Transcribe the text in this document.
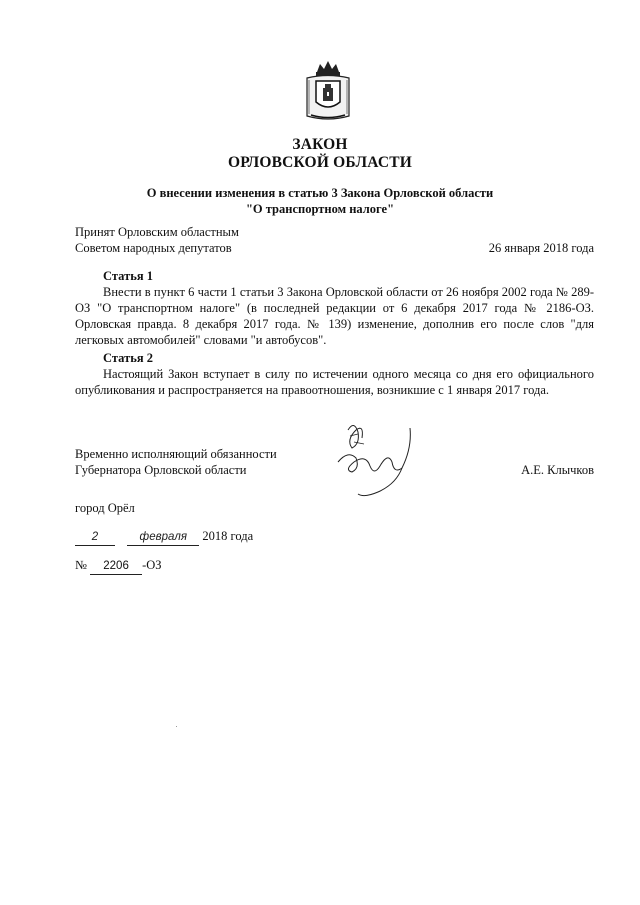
ЗАКОН
ОРЛОВСКОЙ ОБЛАСТИ
О внесении изменения в статью 3 Закона Орловской области
"О транспортном налоге"
Принят Орловским областным
Советом народных депутатов	26 января 2018 года
Статья 1

Внести в пункт 6 части 1 статьи 3 Закона Орловской области от 26 ноября 2002 года № 289-ОЗ "О транспортном налоге" (в последней редакции от 6 декабря 2017 года № 2186-ОЗ. Орловская правда. 8 декабря 2017 года. № 139) изменение, дополнив его после слов "для легковых автомобилей" словами "и автобусов".

Статья 2

Настоящий Закон вступает в силу по истечении одного месяца со дня его официального опубликования и распространяется на правоотношения, возникшие с 1 января 2017 года.

Временно исполняющий обязанности
Губернатора Орловской области	А.Е. Клычков
город Орёл
2	февраля 2018 года
№ 2206 -ОЗ
